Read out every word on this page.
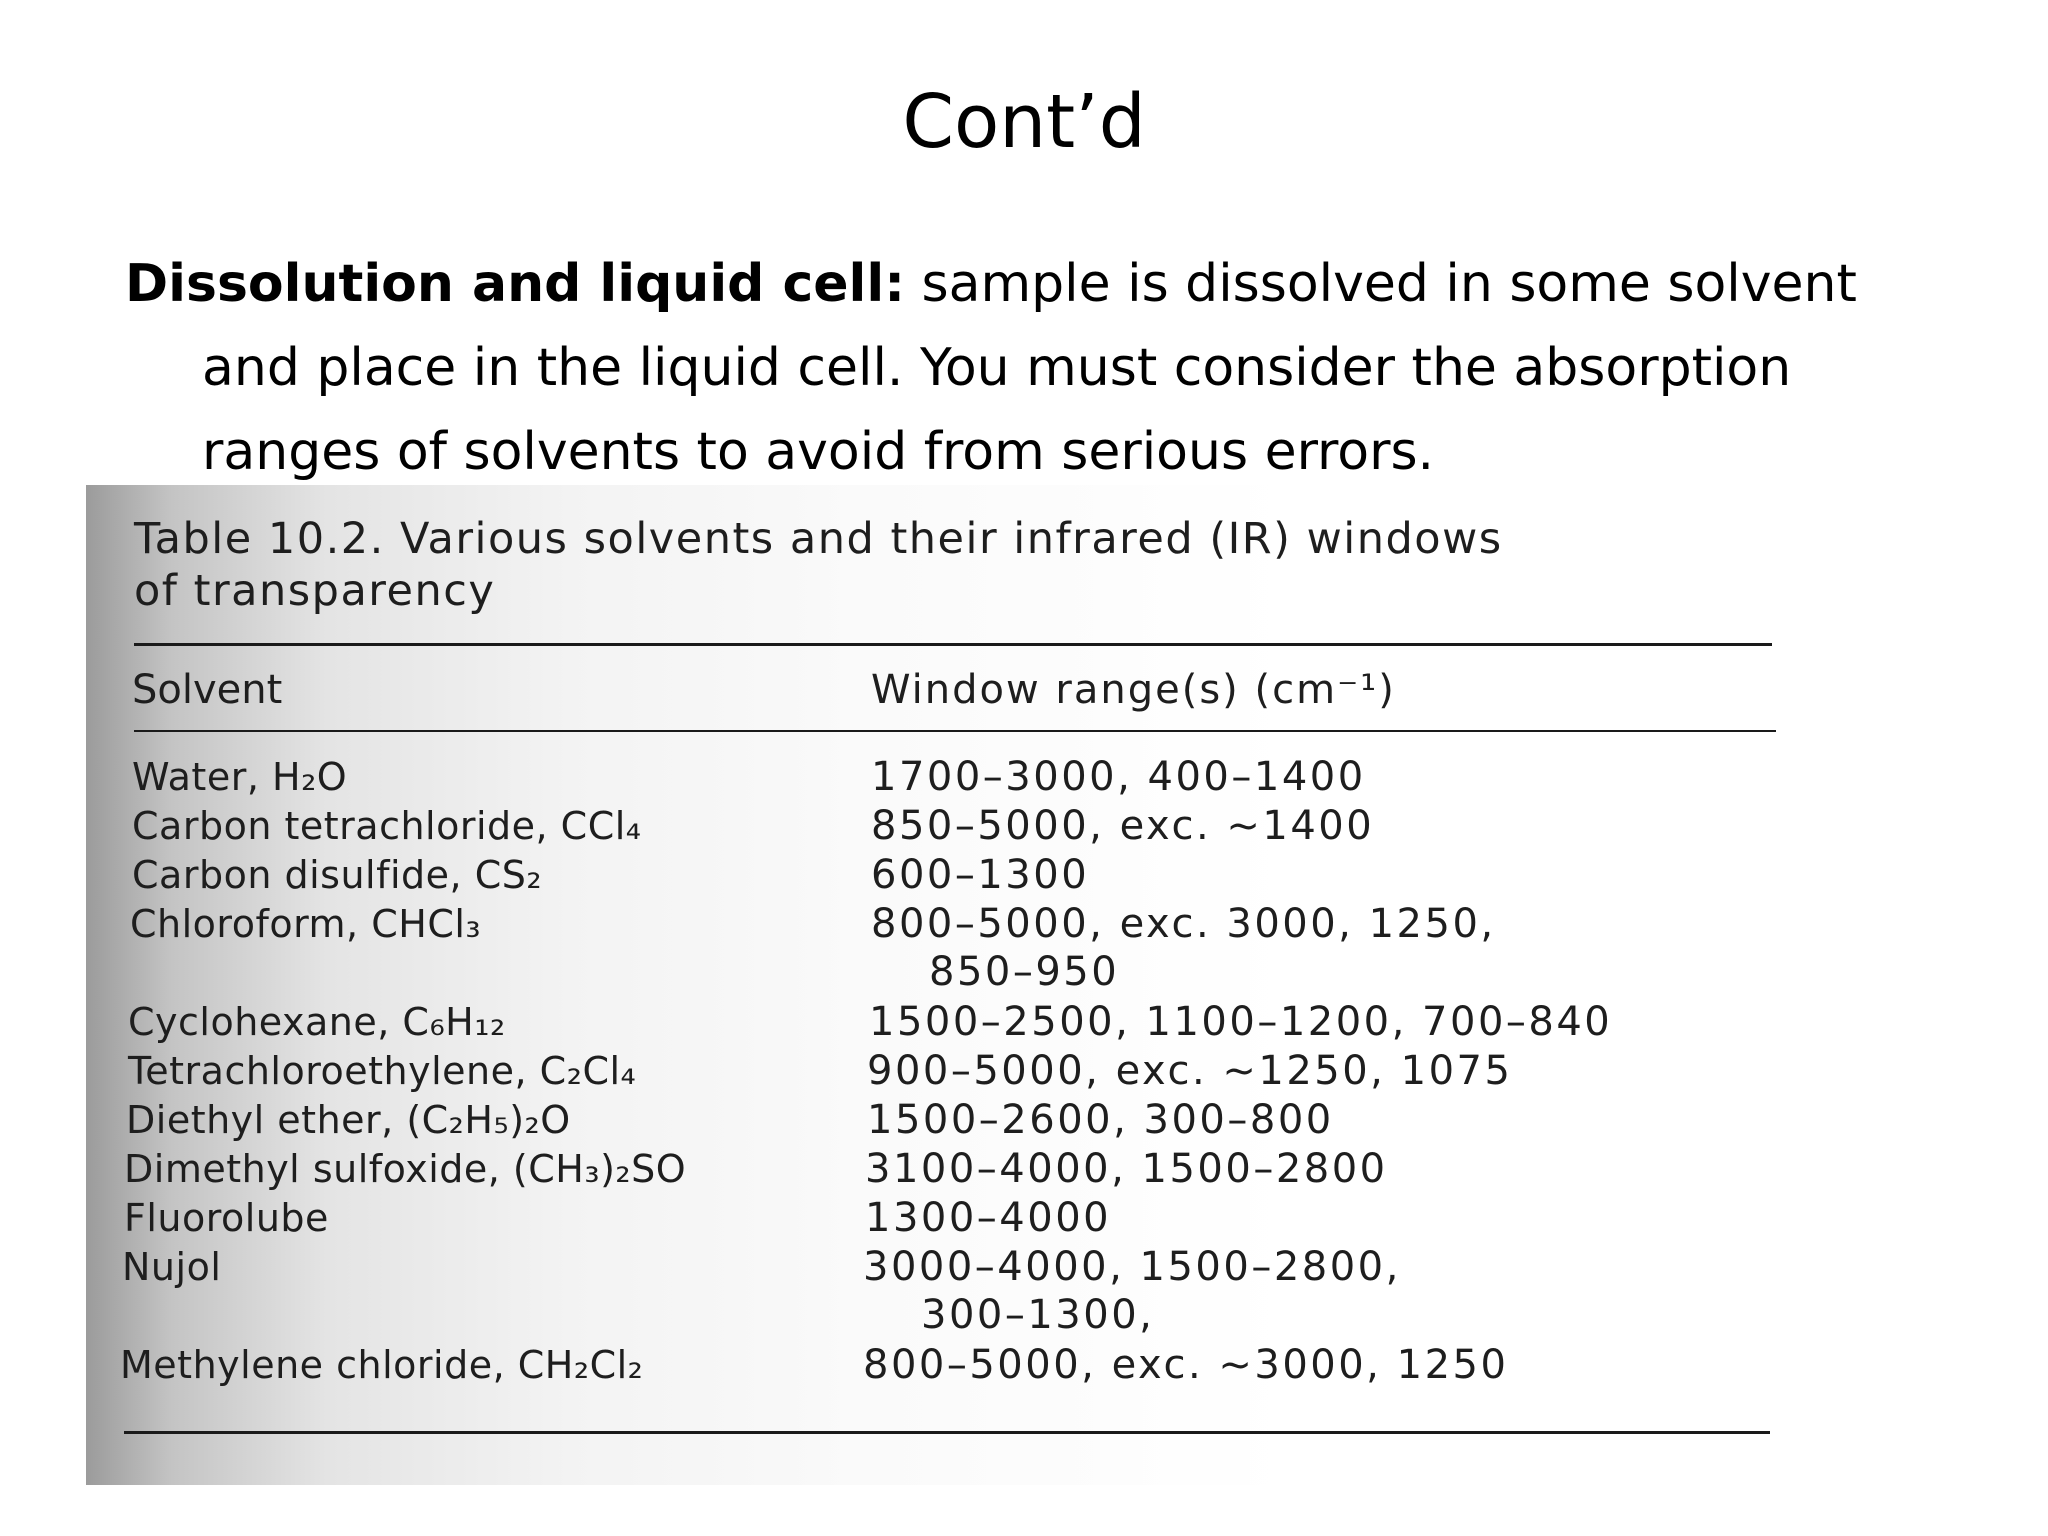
Cont’d
Dissolution and liquid cell: sample is dissolved in some solvent
and place in the liquid cell. You must consider the absorption
ranges of solvents to avoid from serious errors.
Table 10.2. Various solvents and their infrared (IR) windows
of transparency
Solvent	Window range(s) (cm⁻¹)
Water, H₂O	1700–3000, 400–1400
Carbon tetrachloride, CCl₄	850–5000, exc. ~1400
Carbon disulfide, CS₂	600–1300
Chloroform, CHCl₃	800–5000, exc. 3000, 1250,
850–950
Cyclohexane, C₆H₁₂	1500–2500, 1100–1200, 700–840
Tetrachloroethylene, C₂Cl₄	900–5000, exc. ~1250, 1075
Diethyl ether, (C₂H₅)₂O	1500–2600, 300–800
Dimethyl sulfoxide, (CH₃)₂SO	3100–4000, 1500–2800
Fluorolube	1300–4000
Nujol	3000–4000, 1500–2800,
300–1300,
Methylene chloride, CH₂Cl₂	800–5000, exc. ~3000, 1250
